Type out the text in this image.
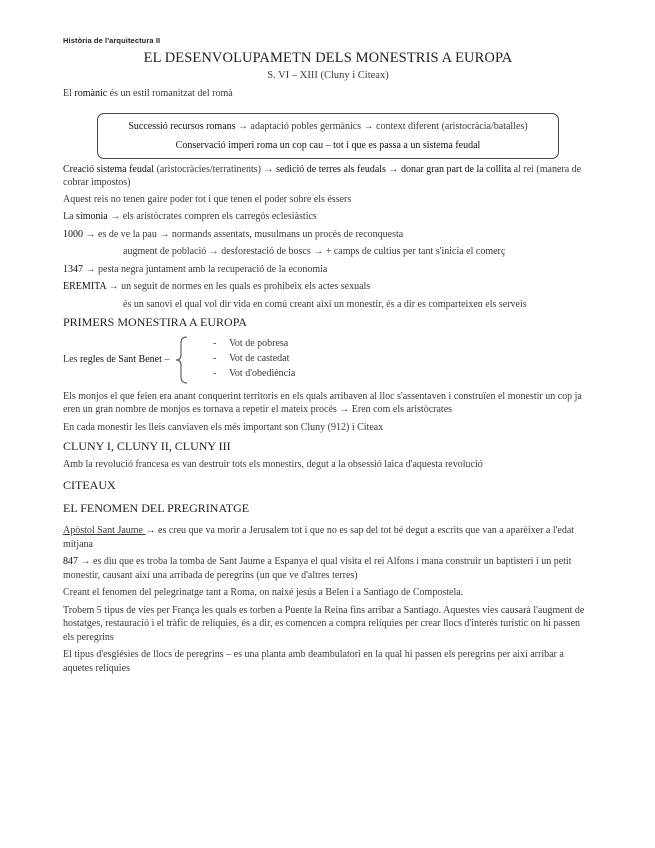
Història de l'arquitectura II
EL DESENVOLUPAMETN DELS MONESTRIS A EUROPA
S. VI – XIII (Cluny i Citeax)

El romànic és un estil romanitzat del romà

Successió recursos romans → adaptació pobles germànics → context diferent (aristocràcia/batalles)

Conservació imperi roma un cop cau – tot i que es passa a un sistema feudal

Creació sistema feudal (aristocràcies/terratinents) → sedició de terres als feudals → donar gran part de la collita al rei (manera de cobrar impostos)

Aquest reis no tenen gaire poder tot i que tenen el poder sobre els éssers

La simonia → els aristòcrates compren els carregós eclesiàstics

1000 → es de ve la pau → normands assentats, musulmans un procés de reconquesta

augment de població → desforestació de boscs → + camps de cultius per tant s'inicia el comerç

1347 → pesta negra juntament amb la recuperació de la economia

EREMITA → un seguit de normes en les quals es prohibeix els actes sexuals

és un sanovi el qual vol dir vida en comú creant així un monestir, és a dir es comparteixen els serveis

PRIMERS MONESTIRA A EUROPA

Les regles de Sant Benet –
- Vot de pobresa
- Vot de castedat
- Vot d'obediència

Els monjos el que feien era anant conquerint territoris en els quals arribaven al lloc s'assentaven i construïen el monestir un cop ja eren un gran nombre de monjos es tornava a repetir el mateix procés → Eren com els aristòcrates

En cada monestir les lleis canviaven els més important son Cluny (912) i Citeax

CLUNY I, CLUNY II, CLUNY III

Amb la revolució francesa es van destruir tots els monestirs, degut a la obsessió laica d'aquesta revolució

CITEAUX

EL FENOMEN DEL PREGRINATGE

Apòstol Sant Jaume → es creu que va morir a Jerusalem tot i que no es sap del tot bé degut a escrits que van a aparèixer a l'edat mitjana

847 → es diu que es troba la tomba de Sant Jaume a Espanya el qual visita el rei Alfons i mana construir un baptisteri i un petit monestir, causant així una arribada de peregrins (un que ve d'altres terres)

Creant el fenomen del pelegrinatge tant a Roma, on naixé jesús a Belen i a Santiago de Compostela.

Trobem 5 tipus de vies per França les quals es torben a Puente la Reina fins arribar a Santiago. Aquestes vies causarà l'augment de hostatges, restauració i el tràfic de relíquies, és a dir, es comencen a compra relíquies per crear llocs d'interès turístic on hi passen els peregrins

El tipus d'esglésies de llocs de peregrins – es una planta amb deambulatori en la qual hi passen els peregrins per així arribar a aquetes relíquies
